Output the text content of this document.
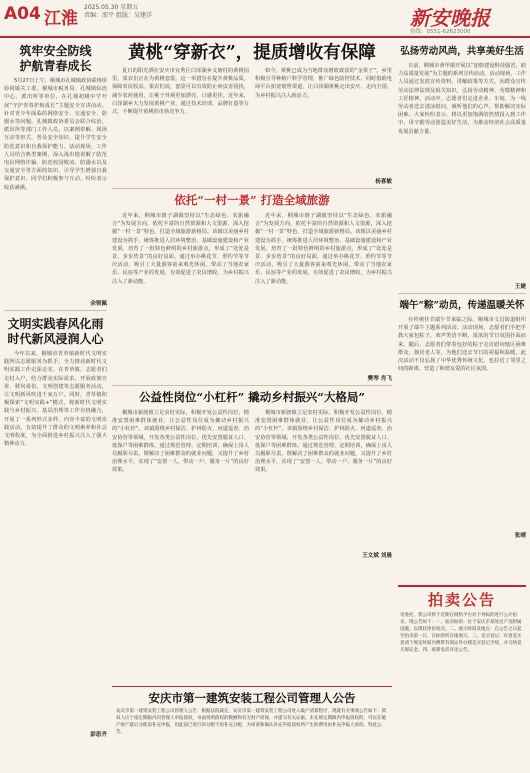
A04 江淮
2025.05.30 星期五
责编：邵平 组版：吴建洋	新安晚报
热线：0551-62623000
筑牢安全防线
护航青春成长

5月27日上午，桐城市孔城镇政协联络组协同镇关工委、桐城市税务局、孔城镇综治中心、派出所等单位，在孔城初级中学开展“守护青春护航成长”主题安全宣讲活动。针对青少年面临的网络安全、交通安全、防溺水等问题，孔城镇政协委员会联合综治、派出所等部门工作人员，以案例讲解、现场互动等形式，普及安全知识，提升学生安全防范意识和自我保护能力。活动现场，工作人员结合典型案例，深入浅出地讲解了防范电信网络诈骗、防范校园欺凌、防溺水以及交通安全等方面的知识，引导学生增强自我保护意识。同学们积极参与互动，纷纷表示收获满满。

余领佩
文明实践春风化雨
时代新风浸润人心

今年以来，桐城市青草镇新时代文明实践所以志愿服务为抓手，全力推动新时代文明实践工作走深走实。在青草镇，志愿者们走村入户，结合群众实际需求，开展政策宣讲、移风易俗、文明创建等志愿服务活动，让文明新风吹进千家万户。同时，青草镇积极探索“文明实践+”模式，将新时代文明实践与乡村振兴、基层治理等工作有机融合，开展了一系列形式多样、内容丰富的文明实践活动，有效提升了群众的文明素养和社会文明程度，为全面推进乡村振兴注入了强大精神动力。

彭思齐
黄桃“穿新衣”，提质增收有保障

夏日的阳光洒在安庆市宜秀区白泽湖乡戈塘村的黄桃园里，果农们正在为黄桃套袋。这一举措旨在提升黄桃品质，保障农民收益。果农们说，套袋可以有效防止病虫害侵扰，减少农药使用，让桃子外观更加漂亮，口感更佳。近年来，白泽湖乡大力发展黄桃产业，通过技术培训、品牌打造等方式，不断提升黄桃的市场竞争力。

如今，黄桃已成为当地群众增收致富的“金果子”。乡里积极引导种植户科学管理，推广绿色防控技术，同时借助电商平台拓宽销售渠道，让白泽湖黄桃走出安庆、走向全国，为乡村振兴注入新活力。

杨喜敏
依托“一村一景” 打造全域旅游

近年来，桐城市嬉子湖镇坚持以“生态绿色、农旅融合”为发展方向，依托丰富的自然资源和人文资源，深入挖掘“一村一景”特色，打造全域旅游新格局。该镇以美丽乡村建设为抓手，统筹推进人居环境整治、基础设施建设和产业发展，培育了一批特色鲜明的乡村旅游点，形成了“处处是景、步步皆景”的良好局面。通过举办桃花节、垂钓节等节庆活动，吸引了大量游客前来观光休闲，带动了当地农家乐、民宿等产业的发展，有效促进了农民增收，为乡村振兴注入了新动能。

近年来，桐城市嬉子湖镇坚持以“生态绿色、农旅融合”为发展方向，依托丰富的自然资源和人文资源，深入挖掘“一村一景”特色，打造全域旅游新格局。该镇以美丽乡村建设为抓手，统筹推进人居环境整治、基础设施建设和产业发展，培育了一批特色鲜明的乡村旅游点，形成了“处处是景、步步皆景”的良好局面。通过举办桃花节、垂钓节等节庆活动，吸引了大量游客前来观光休闲，带动了当地农家乐、民宿等产业的发展，有效促进了农民增收，为乡村振兴注入了新动能。

樊琴 肖飞
公益性岗位“小杠杆” 撬动乡村振兴“大格局”

桐城市新渡镇立足农村实际，积极开发公益性岗位，精准安置困难群体就业，让公益性岗位成为撬动乡村振兴的“小杠杆”。该镇围绕乡村保洁、护林防火、河道巡查、治安协管等领域，开发各类公益性岗位，优先安置脱贫人口、低保户等困难群体。通过规范管理、定期培训，确保上岗人员履职尽责，既解决了困难群众的就业问题，又提升了乡村治理水平，实现了“安置一人、带动一户、服务一片”的良好效果。

桐城市新渡镇立足农村实际，积极开发公益性岗位，精准安置困难群体就业，让公益性岗位成为撬动乡村振兴的“小杠杆”。该镇围绕乡村保洁、护林防火、河道巡查、治安协管等领域，开发各类公益性岗位，优先安置脱贫人口、低保户等困难群体。通过规范管理、定期培训，确保上岗人员履职尽责，既解决了困难群众的就业问题，又提升了乡村治理水平，实现了“安置一人、带动一户、服务一片”的良好效果。

王文斌 刘晨
安庆市第一建筑安装工程公司管理人公告

安庆市第一建筑安装工程公司管理人公告：根据法院裁定，安庆市第一建筑安装工程公司进入破产清算程序，现就有关事项公告如下：债权人应于指定期限内向管理人申报债权，书面说明债权的数额和有无财产担保，并提交有关证据。未在规定期限内申报债权的，可以在破产财产最后分配前补充申报，但此前已进行的分配不再补充分配，为审查和确认补充申报债权所产生的费用由补充申报人承担。特此公告。

弘扬劳动风尚，共享美好生活

日前，桐城市黄甲镇开展以“加快建设科技强省，助力高质量发展”为主题的系列宣传活动。活动现场，工作人员通过发放宣传资料、讲解政策等方式，向群众宣传劳动法律法规及相关知识，弘扬劳动精神、劳模精神和工匠精神。活动中，志愿者们走进企业、车间，为一线劳动者送去清凉慰问，倾听他们的心声，帮助解决实际困难。大家纷纷表示，将以更加饱满的热情投入到工作中，用辛勤劳动创造美好生活，为推动经济社会高质量发展贡献力量。

王婕
端午“粽”动员，传递温暖关怀

在传统佳节端午节来临之际，桐城市文昌街道组织开展了端午主题系列活动。活动现场，志愿者们手把手教大家包粽子，欢声笑语不断，浓浓的节日氛围扑面而来。随后，志愿者们带着包好的粽子走访慰问辖区困难群众、独居老人等，为他们送去节日的祝福和温暖。此次活动不仅弘扬了中华优秀传统文化，也拉近了邻里之间的距离，营造了和谐友爱的社区氛围。

张晴
拍卖公告

受委托，我公司将于近期在网络平台对下列标的进行公开拍卖，现公告如下：一、拍卖标的：位于安庆市某处房产及附属设施，以现状净价拍卖。二、展示时间及地点：自公告之日起至拍卖前一日，在标的所在地展示。三、竞买登记：有意竞买者请于规定时间内携带有效证件办理竞买登记手续，并交纳竞买保证金。四、联系电话详见公告。
